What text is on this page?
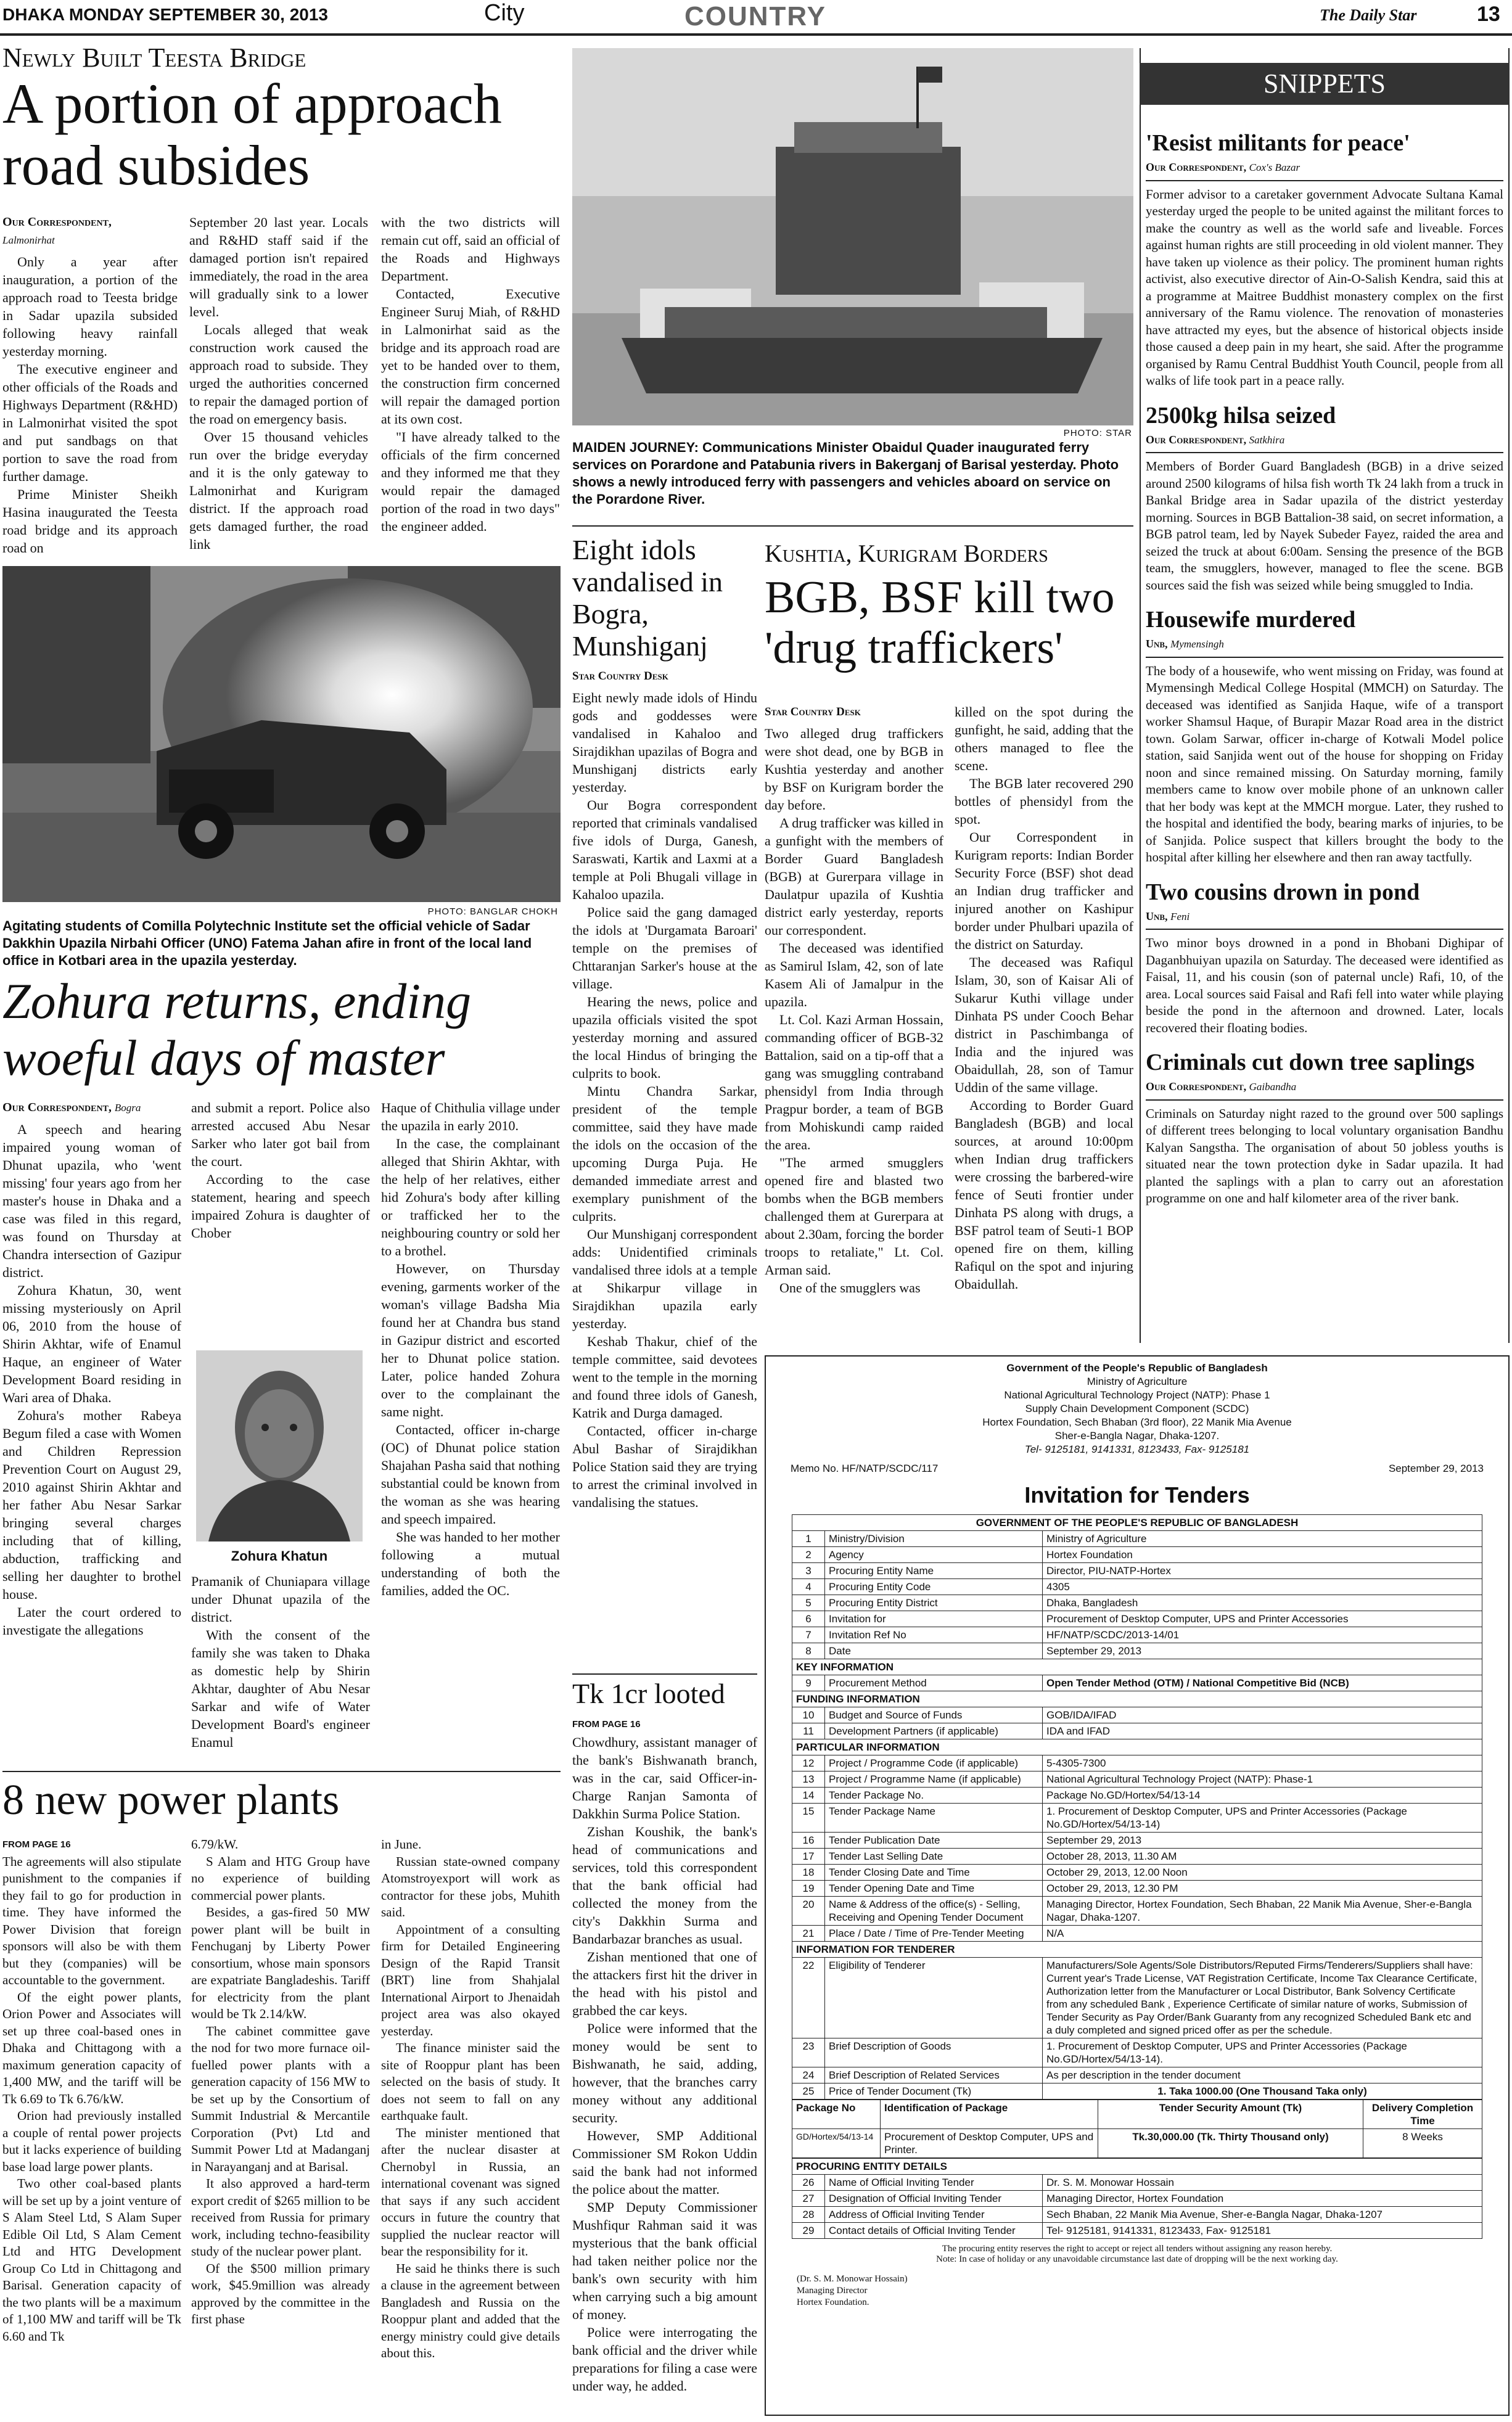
DHAKA MONDAY SEPTEMBER 30, 2013	City	COUNTRY	The Daily Star	13
Newly Built Teesta Bridge
A portion of approach road subsides
Our Correspondent,
Lalmonirhat

Only a year after inauguration, a portion of the approach road to Teesta bridge in Sadar upazila subsided following heavy rainfall yesterday morning.

The executive engineer and other officials of the Roads and Highways Department (R&HD) in Lalmonirhat visited the spot and put sandbags on that portion to save the road from further damage.

Prime Minister Sheikh Hasina inaugurated the Teesta road bridge and its approach road on

September 20 last year. Locals and R&HD staff said if the damaged portion isn't repaired immediately, the road in the area will gradually sink to a lower level.

Locals alleged that weak construction work caused the approach road to subside. They urged the authorities concerned to repair the damaged portion of the road on emergency basis.

Over 15 thousand vehicles run over the bridge everyday and it is the only gateway to Lalmonirhat and Kurigram district. If the approach road gets damaged further, the road link

with the two districts will remain cut off, said an official of the Roads and Highways Department.

Contacted, Executive Engineer Suruj Miah, of R&HD in Lalmonirhat said as the bridge and its approach road are yet to be handed over to them, the construction firm concerned will repair the damaged portion at its own cost.

"I have already talked to the officials of the firm concerned and they informed me that they would repair the damaged portion of the road in two days" the engineer added.

PHOTO: BANGLAR CHOKH
Agitating students of Comilla Polytechnic Institute set the official vehicle of Sadar Dakkhin Upazila Nirbahi Officer (UNO) Fatema Jahan afire in front of the local land office in Kotbari area in the upazila yesterday.
Zohura returns, ending woeful days of master
Our Correspondent, Bogra

A speech and hearing impaired young woman of Dhunat upazila, who 'went missing' four years ago from her master's house in Dhaka and a case was filed in this regard, was found on Thursday at Chandra intersection of Gazipur district.

Zohura Khatun, 30, went missing mysteriously on April 06, 2010 from the house of Shirin Akhtar, wife of Enamul Haque, an engineer of Water Development Board residing in Wari area of Dhaka.

Zohura's mother Rabeya Begum filed a case with Women and Children Repression Prevention Court on August 29, 2010 against Shirin Akhtar and her father Abu Nesar Sarkar bringing several charges including that of killing, abduction, trafficking and selling her daughter to brothel house.

Later the court ordered to investigate the allegations

and submit a report. Police also arrested accused Abu Nesar Sarker who later got bail from the court.

According to the case statement, hearing and speech impaired Zohura is daughter of Chober

Zohura Khatun

Pramanik of Chuniapara village under Dhunat upazila of the district.

With the consent of the family she was taken to Dhaka as domestic help by Shirin Akhtar, daughter of Abu Nesar Sarkar and wife of Water Development Board's engineer Enamul

Haque of Chithulia village under the upazila in early 2010.

In the case, the complainant alleged that Shirin Akhtar, with the help of her relatives, either hid Zohura's body after killing or trafficked her to the neighbouring country or sold her to a brothel.

However, on Thursday evening, garments worker of the woman's village Badsha Mia found her at Chandra bus stand in Gazipur district and escorted her to Dhunat police station. Later, police handed Zohura over to the complainant the same night.

Contacted, officer in-charge (OC) of Dhunat police station Shajahan Pasha said that nothing substantial could be known from the woman as she was hearing and speech impaired.

She was handed to her mother following a mutual understanding of both the families, added the OC.

8 new power plants
FROM PAGE 16

The agreements will also stipulate punishment to the companies if they fail to go for production in time. They have informed the Power Division that foreign sponsors will also be with them but they (companies) will be accountable to the government.

Of the eight power plants, Orion Power and Associates will set up three coal-based ones in Dhaka and Chittagong with a maximum generation capacity of 1,400 MW, and the tariff will be Tk 6.69 to Tk 6.76/kW.

Orion had previously installed a couple of rental power projects but it lacks experience of building base load large power plants.

Two other coal-based plants will be set up by a joint venture of S Alam Steel Ltd, S Alam Super Edible Oil Ltd, S Alam Cement Ltd and HTG Development Group Co Ltd in Chittagong and Barisal. Generation capacity of the two plants will be a maximum of 1,100 MW and tariff will be Tk 6.60 and Tk

6.79/kW.

S Alam and HTG Group have no experience of building commercial power plants.

Besides, a gas-fired 50 MW power plant will be built in Fenchuganj by Liberty Power consortium, whose main sponsors are expatriate Bangladeshis. Tariff for electricity from the plant would be Tk 2.14/kW.

The cabinet committee gave the nod for two more furnace oil-fuelled power plants with a generation capacity of 156 MW to be set up by the Consortium of Summit Industrial & Mercantile Corporation (Pvt) Ltd and Summit Power Ltd at Madanganj in Narayanganj and at Barisal.

It also approved a hard-term export credit of $265 million to be received from Russia for primary work, including techno-feasibility study of the nuclear power plant.

Of the $500 million primary work, $45.9million was already approved by the committee in the first phase

in June.

Russian state-owned company Atomstroyexport will work as contractor for these jobs, Muhith said.

Appointment of a consulting firm for Detailed Engineering Design of the Rapid Transit (BRT) line from Shahjalal International Airport to Jhenaidah project area was also okayed yesterday.

The finance minister said the site of Rooppur plant has been selected on the basis of study. It does not seem to fall on any earthquake fault.

The minister mentioned that after the nuclear disaster at Chernobyl in Russia, an international covenant was signed that says if any such accident occurs in future the country that supplied the nuclear reactor will bear the responsibility for it.

He said he thinks there is such a clause in the agreement between Bangladesh and Russia on the Rooppur plant and added that the energy ministry could give details about this.

PHOTO: STAR
MAIDEN JOURNEY: Communications Minister Obaidul Quader inaugurated ferry services on Porardone and Patabunia rivers in Bakerganj of Barisal yesterday. Photo shows a newly introduced ferry with passengers and vehicles aboard on service on the Porardone River.
Eight idols vandalised in Bogra, Munshiganj
Star Country Desk

Eight newly made idols of Hindu gods and goddesses were vandalised in Kahaloo and Sirajdikhan upazilas of Bogra and Munshiganj districts early yesterday.

Our Bogra correspondent reported that criminals vandalised five idols of Durga, Ganesh, Saraswati, Kartik and Laxmi at a temple at Poli Bhugali village in Kahaloo upazila.

Police said the gang damaged the idols at 'Durgamata Baroari' temple on the premises of Chttaranjan Sarker's house at the village.

Hearing the news, police and upazila officials visited the spot yesterday morning and assured the local Hindus of bringing the culprits to book.

Mintu Chandra Sarkar, president of the temple committee, said they have made the idols on the occasion of the upcoming Durga Puja. He demanded immediate arrest and exemplary punishment of the culprits.

Our Munshiganj correspondent adds: Unidentified criminals vandalised three idols at a temple at Shikarpur village in Sirajdikhan upazila early yesterday.

Keshab Thakur, chief of the temple committee, said devotees went to the temple in the morning and found three idols of Ganesh, Katrik and Durga damaged.

Contacted, officer in-charge Abul Bashar of Sirajdikhan Police Station said they are trying to arrest the criminal involved in vandalising the statues.

Tk 1cr looted
FROM PAGE 16

Chowdhury, assistant manager of the bank's Bishwanath branch, was in the car, said Officer-in-Charge Ranjan Samonta of Dakkhin Surma Police Station.

Zishan Koushik, the bank's head of communications and services, told this correspondent that the bank official had collected the money from the city's Dakkhin Surma and Bandarbazar branches as usual.

Zishan mentioned that one of the attackers first hit the driver in the head with his pistol and grabbed the car keys.

Police were informed that the money would be sent to Bishwanath, he said, adding, however, that the branches carry money without any additional security.

However, SMP Additional Commissioner SM Rokon Uddin said the bank had not informed the police about the matter.

SMP Deputy Commissioner Mushfiqur Rahman said it was mysterious that the bank official had taken neither police nor the bank's own security with him when carrying such a big amount of money.

Police were interrogating the bank official and the driver while preparations for filing a case were under way, he added.

Kushtia, Kurigram Borders
BGB, BSF kill two 'drug traffickers'
Star Country Desk

Two alleged drug traffickers were shot dead, one by BGB in Kushtia yesterday and another by BSF on Kurigram border the day before.

A drug trafficker was killed in a gunfight with the members of Border Guard Bangladesh (BGB) at Gurerpara village in Daulatpur upazila of Kushtia district early yesterday, reports our correspondent.

The deceased was identified as Samirul Islam, 42, son of late Kasem Ali of Jamalpur in the upazila.

Lt. Col. Kazi Arman Hossain, commanding officer of BGB-32 Battalion, said on a tip-off that a gang was smuggling contraband phensidyl from India through Pragpur border, a team of BGB from Mohiskundi camp raided the area.

"The armed smugglers opened fire and blasted two bombs when the BGB members challenged them at Gurerpara at about 2.30am, forcing the border troops to retaliate," Lt. Col. Arman said.

One of the smugglers was

killed on the spot during the gunfight, he said, adding that the others managed to flee the scene.

The BGB later recovered 290 bottles of phensidyl from the spot.

Our Correspondent in Kurigram reports: Indian Border Security Force (BSF) shot dead an Indian drug trafficker and injured another on Kashipur border under Phulbari upazila of the district on Saturday.

The deceased was Rafiqul Islam, 30, son of Kaisar Ali of Sukarur Kuthi village under Dinhata PS under Cooch Behar district in Paschimbanga of India and the injured was Obaidullah, 28, son of Tamur Uddin of the same village.

According to Border Guard Bangladesh (BGB) and local sources, at around 10:00pm when Indian drug traffickers were crossing the barbered-wire fence of Seuti frontier under Dinhata PS along with drugs, a BSF patrol team of Seuti-1 BOP opened fire on them, killing Rafiqul on the spot and injuring Obaidullah.

SNIPPETS
'Resist militants for peace'
Our Correspondent, Cox's Bazar

Former advisor to a caretaker government Advocate Sultana Kamal yesterday urged the people to be united against the militant forces to make the country as well as the world safe and liveable. Forces against human rights are still proceeding in old violent manner. They have taken up violence as their policy. The prominent human rights activist, also executive director of Ain-O-Salish Kendra, said this at a programme at Maitree Buddhist monastery complex on the first anniversary of the Ramu violence. The renovation of monasteries have attracted my eyes, but the absence of historical objects inside those caused a deep pain in my heart, she said. After the programme organised by Ramu Central Buddhist Youth Council, people from all walks of life took part in a peace rally.

2500kg hilsa seized
Our Correspondent, Satkhira

Members of Border Guard Bangladesh (BGB) in a drive seized around 2500 kilograms of hilsa fish worth Tk 24 lakh from a truck in Bankal Bridge area in Sadar upazila of the district yesterday morning. Sources in BGB Battalion-38 said, on secret information, a BGB patrol team, led by Nayek Subeder Fayez, raided the area and seized the truck at about 6:00am. Sensing the presence of the BGB team, the smugglers, however, managed to flee the scene. BGB sources said the fish was seized while being smuggled to India.

Housewife murdered
Unb, Mymensingh

The body of a housewife, who went missing on Friday, was found at Mymensingh Medical College Hospital (MMCH) on Saturday. The deceased was identified as Sanjida Haque, wife of a transport worker Shamsul Haque, of Burapir Mazar Road area in the district town. Golam Sarwar, officer in-charge of Kotwali Model police station, said Sanjida went out of the house for shopping on Friday noon and since remained missing. On Saturday morning, family members came to know over mobile phone of an unknown caller that her body was kept at the MMCH morgue. Later, they rushed to the hospital and identified the body, bearing marks of injuries, to be of Sanjida. Police suspect that killers brought the body to the hospital after killing her elsewhere and then ran away tactfully.

Two cousins drown in pond
Unb, Feni

Two minor boys drowned in a pond in Bhobani Dighipar of Daganbhuiyan upazila on Saturday. The deceased were identified as Faisal, 11, and his cousin (son of paternal uncle) Rafi, 10, of the area. Local sources said Faisal and Rafi fell into water while playing beside the pond in the afternoon and drowned. Later, locals recovered their floating bodies.

Criminals cut down tree saplings
Our Correspondent, Gaibandha

Criminals on Saturday night razed to the ground over 500 saplings of different trees belonging to local voluntary organisation Bandhu Kalyan Sangstha. The organisation of about 50 jobless youths is situated near the town protection dyke in Sadar upazila. It had planted the saplings with a plan to carry out an aforestation programme on one and half kilometer area of the river bank.

Government of the People's Republic of Bangladesh
Ministry of Agriculture
National Agricultural Technology Project (NATP): Phase 1
Supply Chain Development Component (SCDC)
Hortex Foundation, Sech Bhaban (3rd floor), 22 Manik Mia Avenue
Sher-e-Bangla Nagar, Dhaka-1207.
Tel- 9125181, 9141331, 8123433, Fax- 9125181
Memo No. HF/NATP/SCDC/117	September 29, 2013
Invitation for Tenders
GOVERNMENT OF THE PEOPLE'S REPUBLIC OF BANGLADESH		
1	Ministry/Division	Ministry of Agriculture
2	Agency	Hortex Foundation
3	Procuring Entity Name	Director, PIU-NATP-Hortex
4	Procuring Entity Code	4305
5	Procuring Entity District	Dhaka, Bangladesh
6	Invitation for	Procurement of Desktop Computer, UPS and Printer Accessories
7	Invitation Ref No	HF/NATP/SCDC/2013-14/01
8	Date	September 29, 2013
KEY INFORMATION		
9	Procurement Method	Open Tender Method (OTM) / National Competitive Bid (NCB)
FUNDING INFORMATION		
10	Budget and Source of Funds	GOB/IDA/IFAD
11	Development Partners (if applicable)	IDA and IFAD
PARTICULAR INFORMATION		
12	Project / Programme Code (if applicable)	5-4305-7300
13	Project / Programme Name (if applicable)	National Agricultural Technology Project (NATP): Phase-1
14	Tender Package No.	Package No.GD/Hortex/54/13-14
15	Tender Package Name	1. Procurement of Desktop Computer, UPS and Printer Accessories (Package No.GD/Hortex/54/13-14)
16	Tender Publication Date	September 29, 2013
17	Tender Last Selling Date	October 28, 2013, 11.30 AM
18	Tender Closing Date and Time	October 29, 2013, 12.00 Noon
19	Tender Opening Date and Time	October 29, 2013, 12.30 PM
20	Name & Address of the office(s) - Selling, Receiving and Opening Tender Document	Managing Director, Hortex Foundation, Sech Bhaban, 22 Manik Mia Avenue, Sher-e-Bangla Nagar, Dhaka-1207.
21	Place / Date / Time of Pre-Tender Meeting	N/A
INFORMATION FOR TENDERER		
22	Eligibility of Tenderer	Manufacturers/Sole Agents/Sole Distributors/Reputed Firms/Tenderers/Suppliers shall have: Current year's Trade License, VAT Registration Certificate, Income Tax Clearance Certificate, Authorization letter from the Manufacturer or Local Distributor, Bank Solvency Certificate from any scheduled Bank , Experience Certificate of similar nature of works, Submission of Tender Security as Pay Order/Bank Guaranty from any recognized Scheduled Bank etc and a duly completed and signed priced offer as per the schedule.
23	Brief Description of Goods	1. Procurement of Desktop Computer, UPS and Printer Accessories (Package No.GD/Hortex/54/13-14).
24	Brief Description of Related Services	As per description in the tender document
25	Price of Tender Document (Tk)	1. Taka 1000.00 (One Thousand Taka only)
Package No	Identification of Package	Tender Security Amount (Tk)	Delivery Completion Time
GD/Hortex/54/13-14	Procurement of Desktop Computer, UPS and Printer.	Tk.30,000.00 (Tk. Thirty Thousand only)	8 Weeks
PROCURING ENTITY DETAILS		
26	Name of Official Inviting Tender	Dr. S. M. Monowar Hossain
27	Designation of Official Inviting Tender	Managing Director, Hortex Foundation
28	Address of Official Inviting Tender	Sech Bhaban, 22 Manik Mia Avenue, Sher-e-Bangla Nagar, Dhaka-1207
29	Contact details of Official Inviting Tender	Tel- 9125181, 9141331, 8123433, Fax- 9125181
The procuring entity reserves the right to accept or reject all tenders without assigning any reason hereby.
Note: In case of holiday or any unavoidable circumstance last date of dropping will be the next working day.
(Dr. S. M. Monowar Hossain)
Managing Director
Hortex Foundation.
